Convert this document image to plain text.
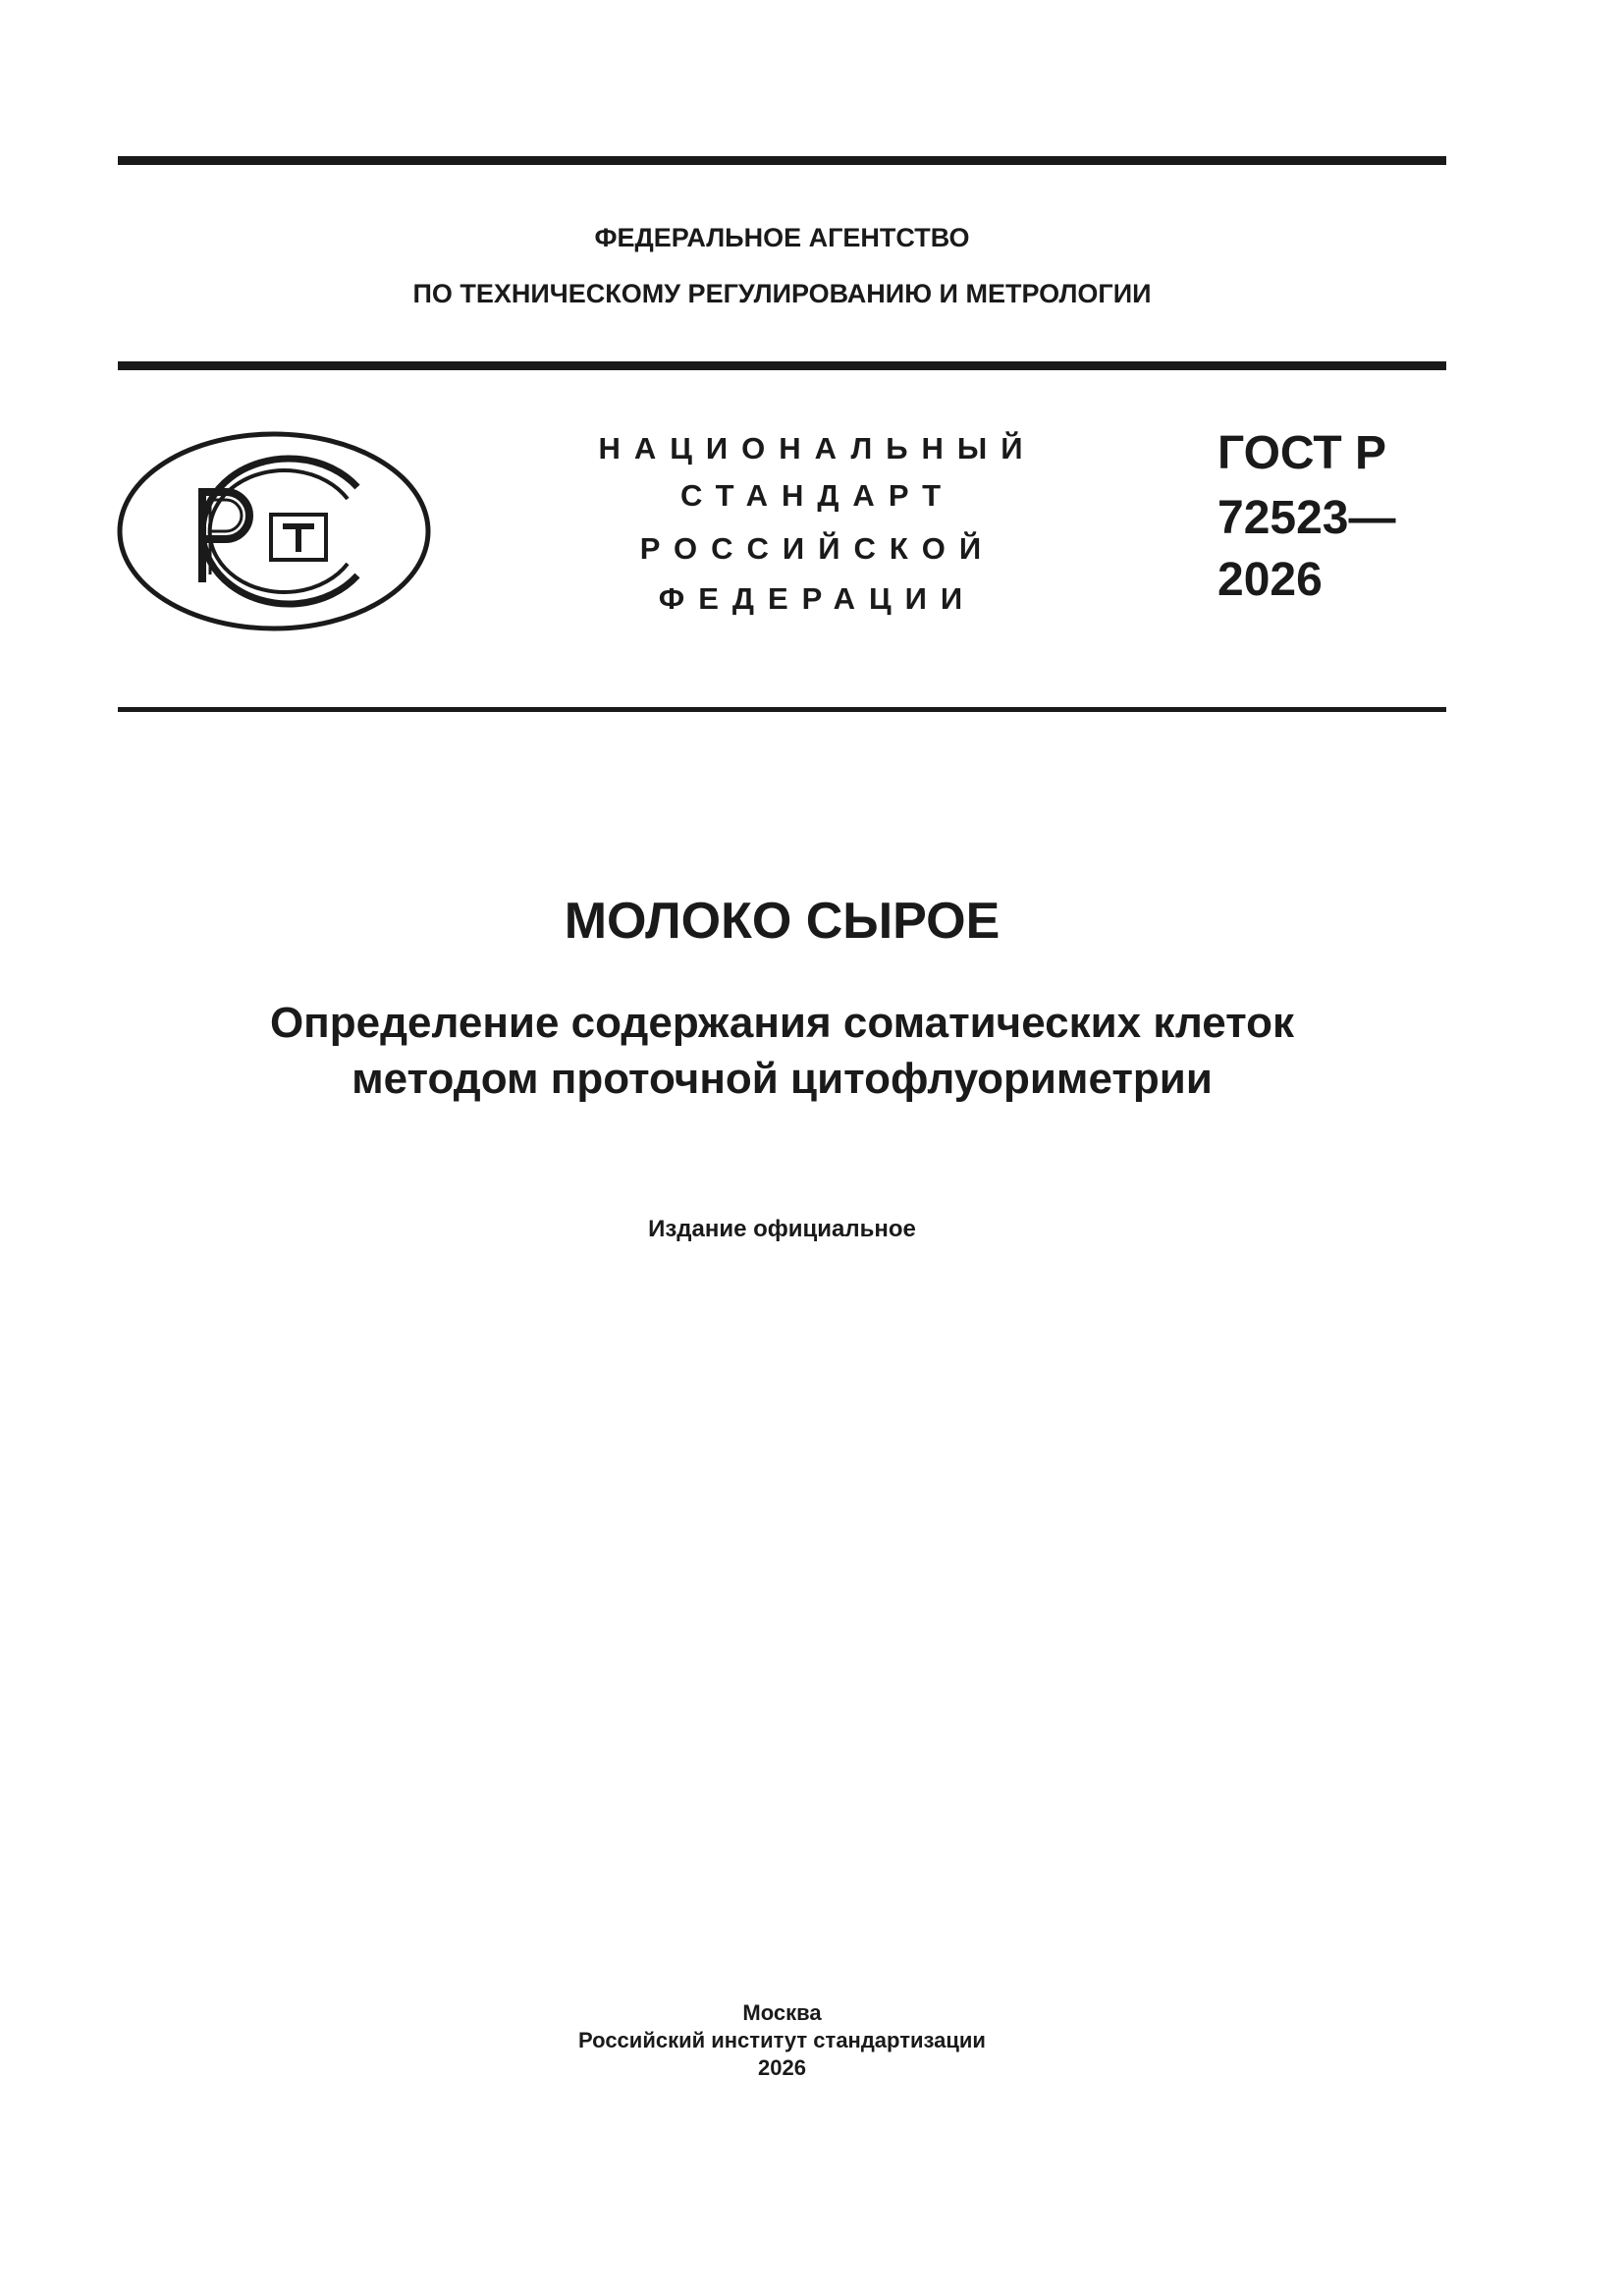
ФЕДЕРАЛЬНОЕ АГЕНТСТВО
ПО ТЕХНИЧЕСКОМУ РЕГУЛИРОВАНИЮ И МЕТРОЛОГИИ
НАЦИОНАЛЬНЫЙ
СТАНДАРТ
РОССИЙСКОЙ
ФЕДЕРАЦИИ
ГОСТ Р
72523—
2026
МОЛОКО СЫРОЕ
Определение содержания соматических клеток
методом проточной цитофлуориметрии
Издание официальное
Москва
Российский институт стандартизации
2026
